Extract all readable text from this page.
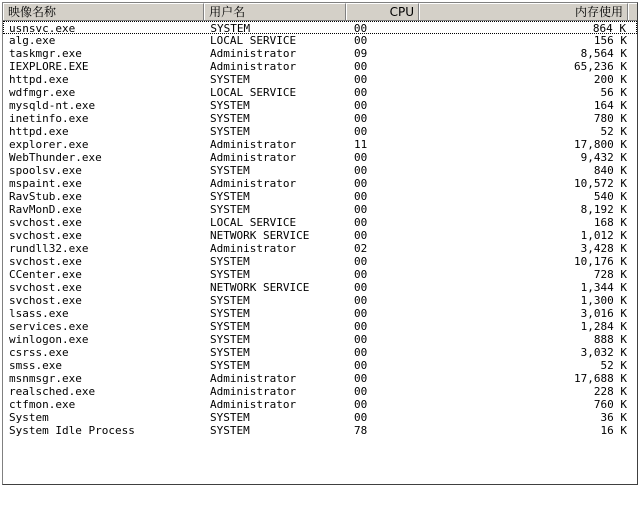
映像名称	用户名	CPU	内存使用
usnsvc.exe	SYSTEM	00	864 K
alg.exe	LOCAL SERVICE	00	156 K
taskmgr.exe	Administrator	09	8,564 K
IEXPLORE.EXE	Administrator	00	65,236 K
httpd.exe	SYSTEM	00	200 K
wdfmgr.exe	LOCAL SERVICE	00	56 K
mysqld-nt.exe	SYSTEM	00	164 K
inetinfo.exe	SYSTEM	00	780 K
httpd.exe	SYSTEM	00	52 K
explorer.exe	Administrator	11	17,800 K
WebThunder.exe	Administrator	00	9,432 K
spoolsv.exe	SYSTEM	00	840 K
mspaint.exe	Administrator	00	10,572 K
RavStub.exe	SYSTEM	00	540 K
RavMonD.exe	SYSTEM	00	8,192 K
svchost.exe	LOCAL SERVICE	00	168 K
svchost.exe	NETWORK SERVICE	00	1,012 K
rundll32.exe	Administrator	02	3,428 K
svchost.exe	SYSTEM	00	10,176 K
CCenter.exe	SYSTEM	00	728 K
svchost.exe	NETWORK SERVICE	00	1,344 K
svchost.exe	SYSTEM	00	1,300 K
lsass.exe	SYSTEM	00	3,016 K
services.exe	SYSTEM	00	1,284 K
winlogon.exe	SYSTEM	00	888 K
csrss.exe	SYSTEM	00	3,032 K
smss.exe	SYSTEM	00	52 K
msnmsgr.exe	Administrator	00	17,688 K
realsched.exe	Administrator	00	228 K
ctfmon.exe	Administrator	00	760 K
System	SYSTEM	00	36 K
System Idle Process	SYSTEM	78	16 K
